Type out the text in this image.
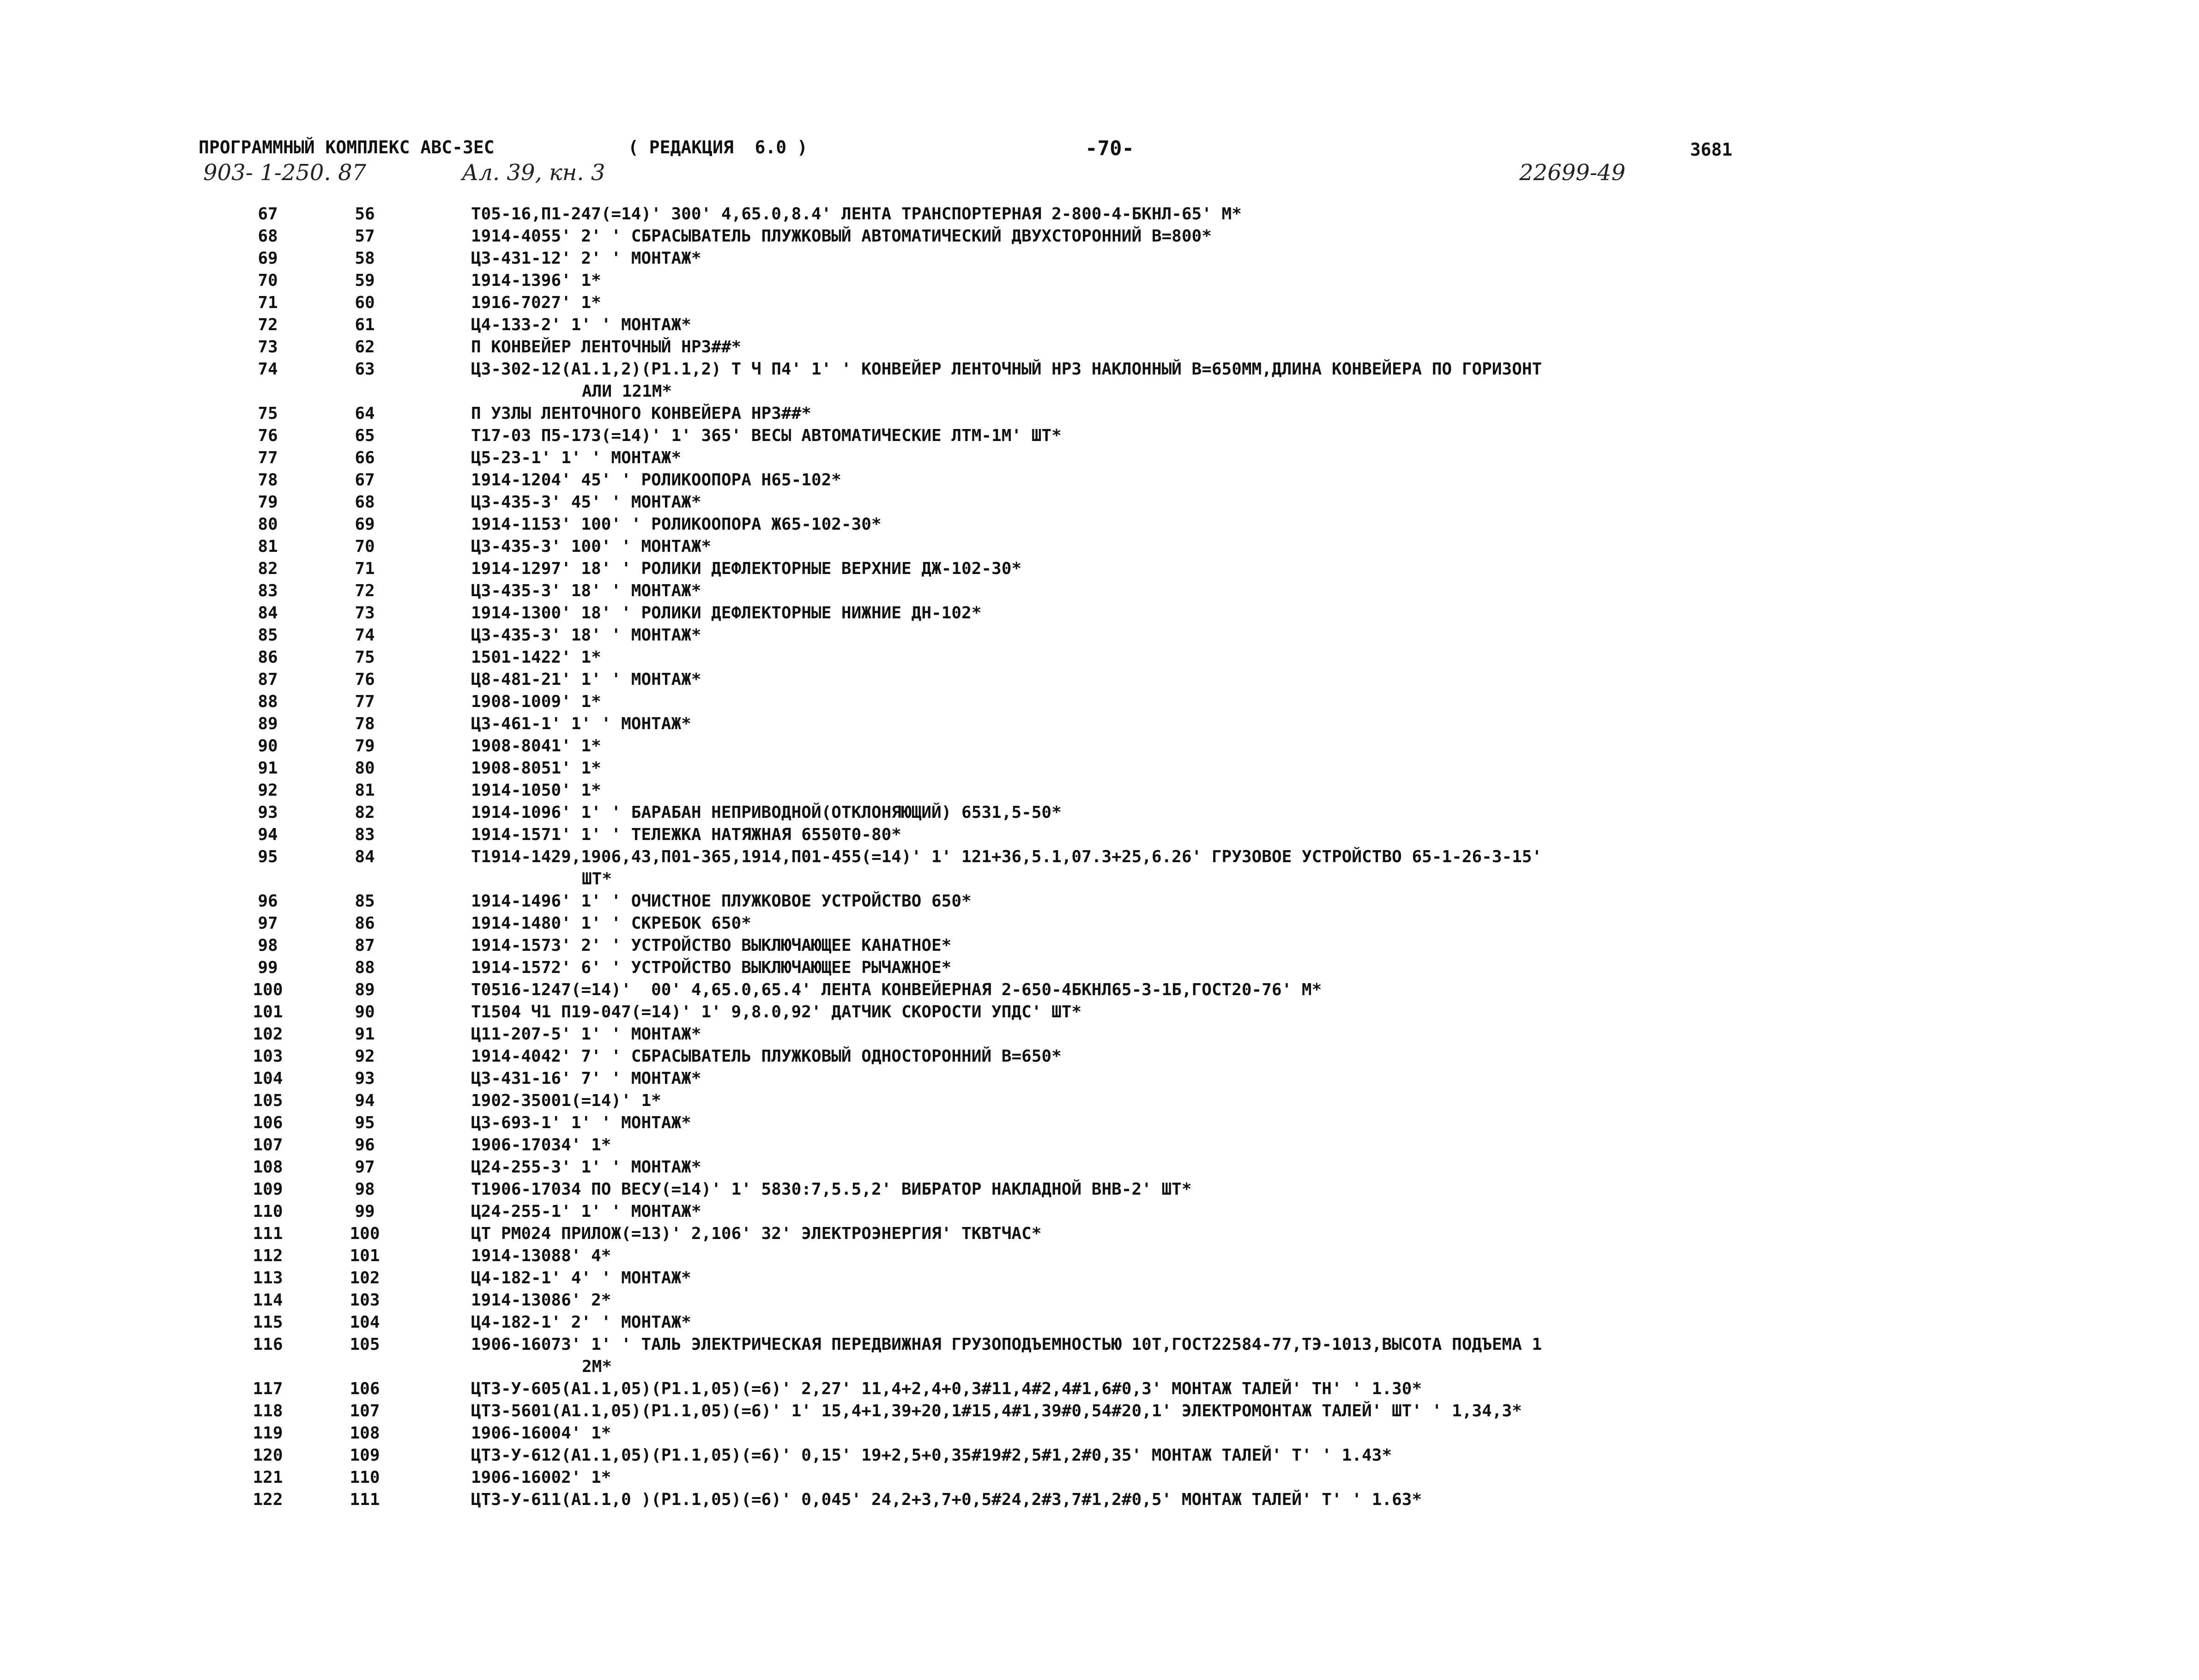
ПРОГРАММНЫЙ КОМПЛЕКС АВС-ЗЕС	( РЕДАКЦИЯ  6.0 )	-70-	3681
903- 1-250. 87	Ал. 39, кн. 3	22699-49
67	56	Т05-16,П1-247(=14)' 300' 4,65.0,8.4' ЛЕНТА ТРАНСПОРТЕРНАЯ 2-800-4-БКНЛ-65' М*
68	57	1914-4055' 2' ' СБРАСЫВАТЕЛЬ ПЛУЖКОВЫЙ АВТОМАТИЧЕСКИЙ ДВУХСТОРОННИЙ В=800*
69	58	Ц3-431-12' 2' ' МОНТАЖ*
70	59	1914-1396' 1*
71	60	1916-7027' 1*
72	61	Ц4-133-2' 1' ' МОНТАЖ*
73	62	П КОНВЕЙЕР ЛЕНТОЧНЫЙ НР3##*
74	63	Ц3-302-12(А1.1,2)(Р1.1,2) Т Ч П4' 1' ' КОНВЕЙЕР ЛЕНТОЧНЫЙ НР3 НАКЛОННЫЙ В=650ММ,ДЛИНА КОНВЕЙЕРА ПО ГОРИЗОНТ
АЛИ 121М*
75	64	П УЗЛЫ ЛЕНТОЧНОГО КОНВЕЙЕРА НР3##*
76	65	Т17-03 П5-173(=14)' 1' 365' ВЕСЫ АВТОМАТИЧЕСКИЕ ЛТМ-1М' ШТ*
77	66	Ц5-23-1' 1' ' МОНТАЖ*
78	67	1914-1204' 45' ' РОЛИКООПОРА Н65-102*
79	68	Ц3-435-3' 45' ' МОНТАЖ*
80	69	1914-1153' 100' ' РОЛИКООПОРА Ж65-102-30*
81	70	Ц3-435-3' 100' ' МОНТАЖ*
82	71	1914-1297' 18' ' РОЛИКИ ДЕФЛЕКТОРНЫЕ ВЕРХНИЕ ДЖ-102-30*
83	72	Ц3-435-3' 18' ' МОНТАЖ*
84	73	1914-1300' 18' ' РОЛИКИ ДЕФЛЕКТОРНЫЕ НИЖНИЕ ДН-102*
85	74	Ц3-435-3' 18' ' МОНТАЖ*
86	75	1501-1422' 1*
87	76	Ц8-481-21' 1' ' МОНТАЖ*
88	77	1908-1009' 1*
89	78	Ц3-461-1' 1' ' МОНТАЖ*
90	79	1908-8041' 1*
91	80	1908-8051' 1*
92	81	1914-1050' 1*
93	82	1914-1096' 1' ' БАРАБАН НЕПРИВОДНОЙ(ОТКЛОНЯЮЩИЙ) 6531,5-50*
94	83	1914-1571' 1' ' ТЕЛЕЖКА НАТЯЖНАЯ 6550Т0-80*
95	84	Т1914-1429,1906,43,П01-365,1914,П01-455(=14)' 1' 121+36,5.1,07.3+25,6.26' ГРУЗОВОЕ УСТРОЙСТВО 65-1-26-3-15'
ШТ*
96	85	1914-1496' 1' ' ОЧИСТНОЕ ПЛУЖКОВОЕ УСТРОЙСТВО 650*
97	86	1914-1480' 1' ' СКРЕБОК 650*
98	87	1914-1573' 2' ' УСТРОЙСТВО ВЫКЛЮЧАЮЩЕЕ КАНАТНОЕ*
99	88	1914-1572' 6' ' УСТРОЙСТВО ВЫКЛЮЧАЮЩЕЕ РЫЧАЖНОЕ*
100	89	Т0516-1247(=14)'  00' 4,65.0,65.4' ЛЕНТА КОНВЕЙЕРНАЯ 2-650-4БКНЛ65-3-1Б,ГОСТ20-76' М*
101	90	Т1504 Ч1 П19-047(=14)' 1' 9,8.0,92' ДАТЧИК СКОРОСТИ УПДС' ШТ*
102	91	Ц11-207-5' 1' ' МОНТАЖ*
103	92	1914-4042' 7' ' СБРАСЫВАТЕЛЬ ПЛУЖКОВЫЙ ОДНОСТОРОННИЙ В=650*
104	93	Ц3-431-16' 7' ' МОНТАЖ*
105	94	1902-35001(=14)' 1*
106	95	Ц3-693-1' 1' ' МОНТАЖ*
107	96	1906-17034' 1*
108	97	Ц24-255-3' 1' ' МОНТАЖ*
109	98	Т1906-17034 ПО ВЕСУ(=14)' 1' 5830:7,5.5,2' ВИБРАТОР НАКЛАДНОЙ ВНВ-2' ШТ*
110	99	Ц24-255-1' 1' ' МОНТАЖ*
111	100	ЦТ РМ024 ПРИЛОЖ(=13)' 2,106' 32' ЭЛЕКТРОЭНЕРГИЯ' ТКВТЧАС*
112	101	1914-13088' 4*
113	102	Ц4-182-1' 4' ' МОНТАЖ*
114	103	1914-13086' 2*
115	104	Ц4-182-1' 2' ' МОНТАЖ*
116	105	1906-16073' 1' ' ТАЛЬ ЭЛЕКТРИЧЕСКАЯ ПЕРЕДВИЖНАЯ ГРУЗОПОДЪЕМНОСТЬЮ 10Т,ГОСТ22584-77,ТЭ-1013,ВЫСОТА ПОДЪЕМА 1
2М*
117	106	ЦТ3-У-605(А1.1,05)(Р1.1,05)(=6)' 2,27' 11,4+2,4+0,3#11,4#2,4#1,6#0,3' МОНТАЖ ТАЛЕЙ' ТН' ' 1.30*
118	107	ЦТ3-5601(А1.1,05)(Р1.1,05)(=6)' 1' 15,4+1,39+20,1#15,4#1,39#0,54#20,1' ЭЛЕКТРОМОНТАЖ ТАЛЕЙ' ШТ' ' 1,34,3*
119	108	1906-16004' 1*
120	109	ЦТ3-У-612(А1.1,05)(Р1.1,05)(=6)' 0,15' 19+2,5+0,35#19#2,5#1,2#0,35' МОНТАЖ ТАЛЕЙ' Т' ' 1.43*
121	110	1906-16002' 1*
122	111	ЦТ3-У-611(А1.1,0 )(Р1.1,05)(=6)' 0,045' 24,2+3,7+0,5#24,2#3,7#1,2#0,5' МОНТАЖ ТАЛЕЙ' Т' ' 1.63*
